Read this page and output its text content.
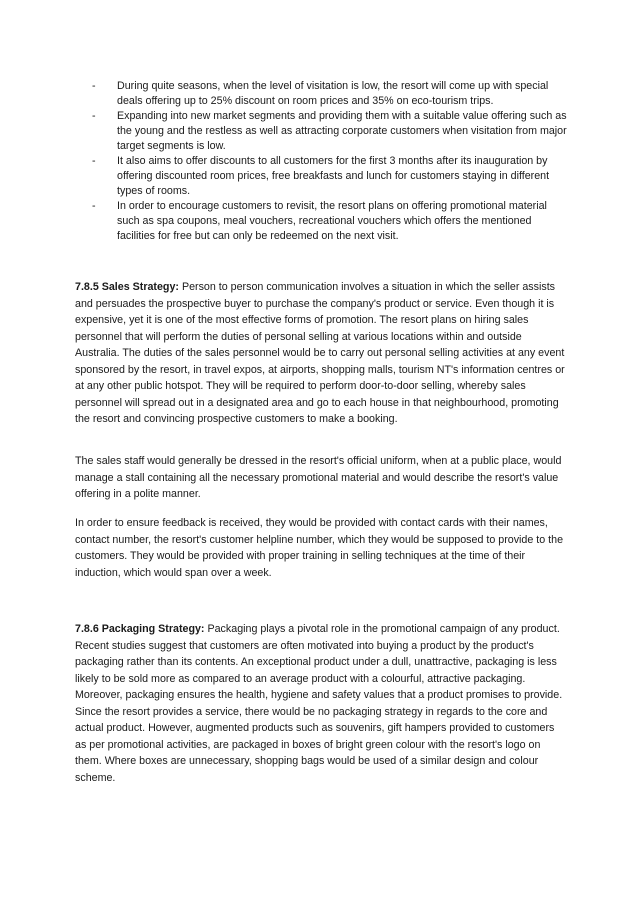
- During quite seasons, when the level of visitation is low, the resort will come up with special deals offering up to 25% discount on room prices and 35% on eco-tourism trips.
- Expanding into new market segments and providing them with a suitable value offering such as the young and the restless as well as attracting corporate customers when visitation from major target segments is low.
- It also aims to offer discounts to all customers for the first 3 months after its inauguration by offering discounted room prices, free breakfasts and lunch for customers staying in different types of rooms.
- In order to encourage customers to revisit, the resort plans on offering promotional material such as spa coupons, meal vouchers, recreational vouchers which offers the mentioned facilities for free but can only be redeemed on the next visit.

7.8.5 Sales Strategy: Person to person communication involves a situation in which the seller assists and persuades the prospective buyer to purchase the company's product or service. Even though it is expensive, yet it is one of the most effective forms of promotion. The resort plans on hiring sales personnel that will perform the duties of personal selling at various locations within and outside Australia. The duties of the sales personnel would be to carry out personal selling activities at any event sponsored by the resort, in travel expos, at airports, shopping malls, tourism NT's information centres or at any other public hotspot. They will be required to perform door-to-door selling, whereby sales personnel will spread out in a designated area and go to each house in that neighbourhood, promoting the resort and convincing prospective customers to make a booking.

The sales staff would generally be dressed in the resort's official uniform, when at a public place, would manage a stall containing all the necessary promotional material and would describe the resort's value offering in a polite manner.

In order to ensure feedback is received, they would be provided with contact cards with their names, contact number, the resort's customer helpline number, which they would be supposed to provide to the customers. They would be provided with proper training in selling techniques at the time of their induction, which would span over a week.

7.8.6 Packaging Strategy: Packaging plays a pivotal role in the promotional campaign of any product. Recent studies suggest that customers are often motivated into buying a product by the product's packaging rather than its contents. An exceptional product under a dull, unattractive, packaging is less likely to be sold more as compared to an average product with a colourful, attractive packaging. Moreover, packaging ensures the health, hygiene and safety values that a product promises to provide. Since the resort provides a service, there would be no packaging strategy in regards to the core and actual product. However, augmented products such as souvenirs, gift hampers provided to customers as per promotional activities, are packaged in boxes of bright green colour with the resort's logo on them. Where boxes are unnecessary, shopping bags would be used of a similar design and colour scheme.
